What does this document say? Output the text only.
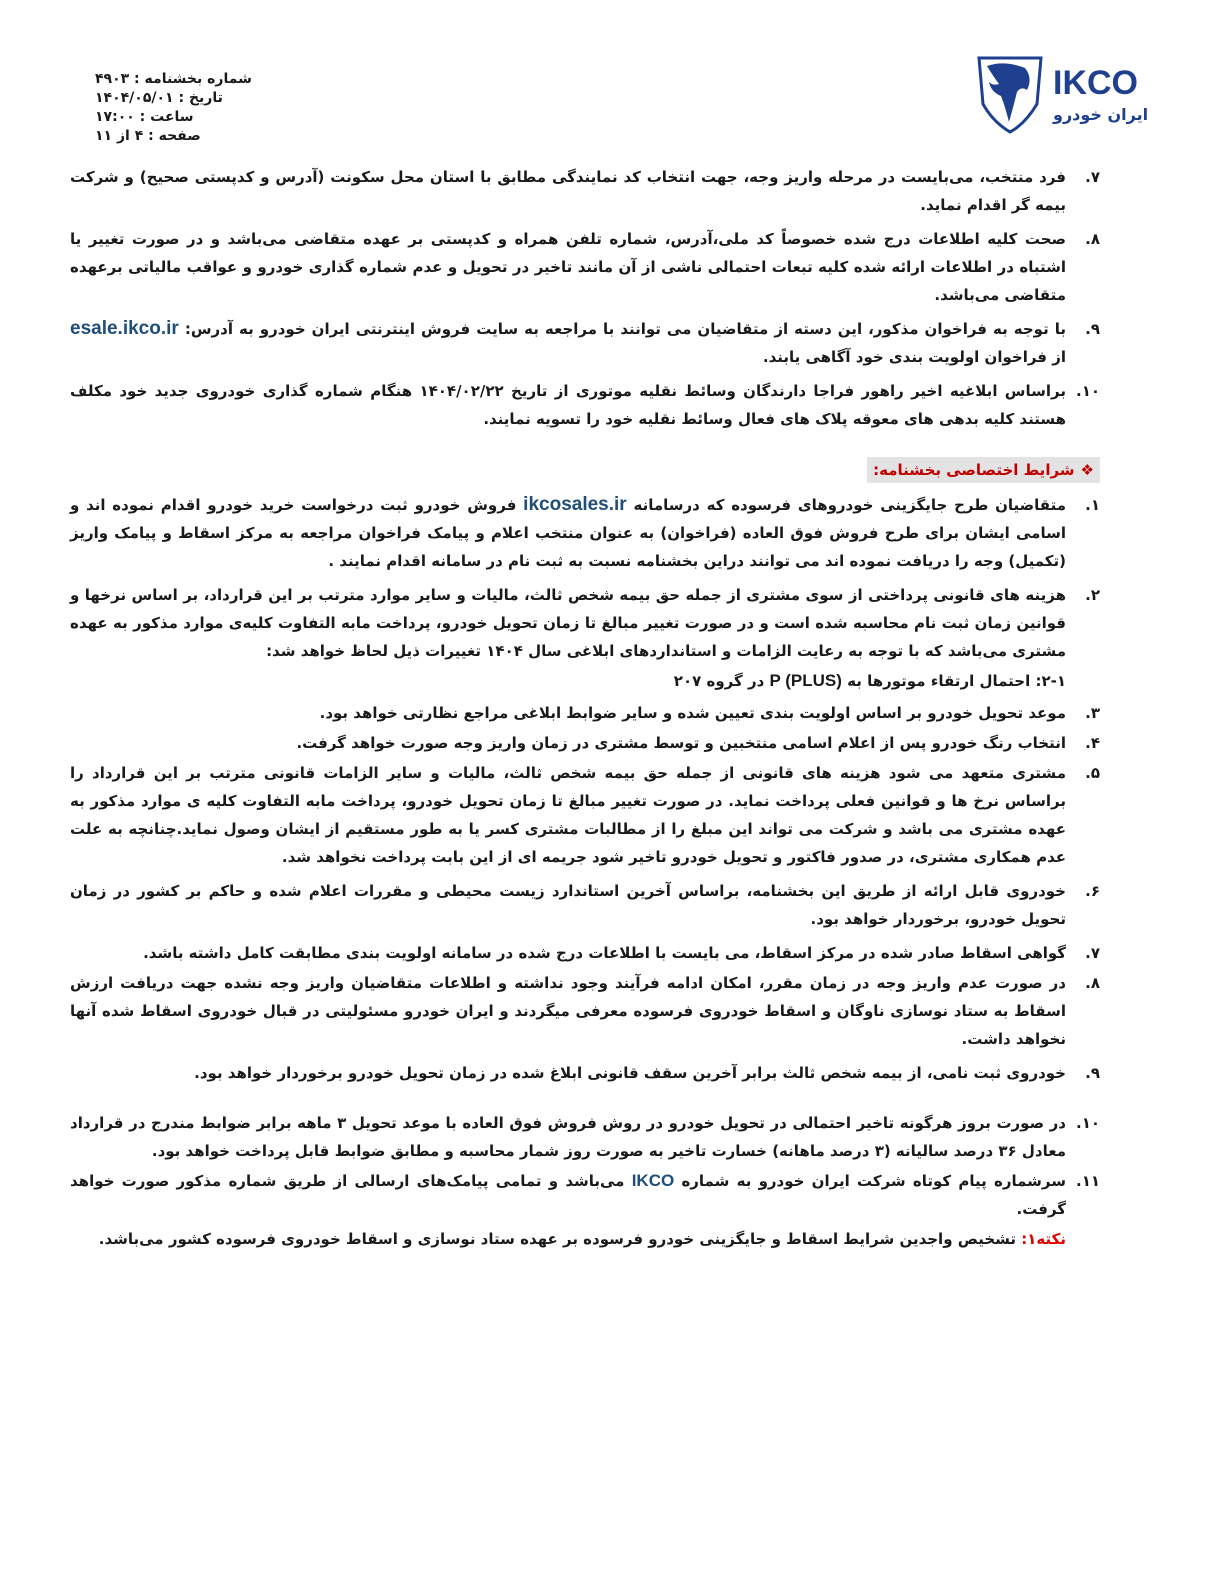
IKCO
ایران خودرو
شماره بخشنامه : ۴۹۰۳
تاریخ : ۱۴۰۴/۰۵/۰۱
ساعت : ۱۷:۰۰
صفحه : ۴ از ۱۱
۷.
فرد منتخب، می‌بایست در مرحله واریز وجه، جهت انتخاب کد نمایندگی مطابق با استان محل سکونت (آدرس و کدپستی صحیح) و شرکت بیمه گر اقدام نماید.
۸.
صحت کلیه اطلاعات درج شده خصوصاً کد ملی،آدرس، شماره تلفن همراه و کدپستی بر عهده متقاضی می‌باشد و در صورت تغییر یا اشتباه در اطلاعات ارائه شده کلیه تبعات احتمالی ناشی از آن مانند تاخیر در تحویل و عدم شماره گذاری خودرو و عواقب مالیاتی برعهده متقاضی می‌باشد.
۹.
با توجه به فراخوان مذکور، این دسته از متقاضیان می توانند با مراجعه به سایت فروش اینترنتی ایران خودرو به آدرس: esale.ikco.ir از فراخوان اولویت بندی خود آگاهی یابند.
۱۰.
براساس ابلاغیه اخیر راهور فراجا دارندگان وسائط نقلیه موتوری از تاریخ ۱۴۰۴/۰۲/۲۲ هنگام شماره گذاری خودروی جدید خود مکلف هستند کلیه بدهی های معوقه پلاک های فعال وسائط نقلیه خود را تسویه نمایند.
❖شرایط اختصاصی بخشنامه:
۱.
متقاضیان طرح جایگزینی خودروهای فرسوده که درسامانه ikcosales.ir فروش خودرو ثبت درخواست خرید خودرو اقدام نموده اند و اسامی ایشان برای طرح فروش فوق العاده (فراخوان) به عنوان منتخب اعلام و پیامک فراخوان مراجعه به مرکز اسقاط و پیامک واریز (تکمیل) وجه را دریافت نموده اند می توانند دراین بخشنامه نسبت به ثبت نام در سامانه اقدام نمایند .
۲.
هزینه های قانونی پرداختی از سوی مشتری از جمله حق بیمه شخص ثالث، مالیات و سایر موارد مترتب بر این قرارداد، بر اساس نرخها و قوانین زمان ثبت نام محاسبه شده است و در صورت تغییر مبالغ تا زمان تحویل خودرو، پرداخت مابه التفاوت کلیه‌ی موارد مذکور به عهده مشتری می‌باشد که با توجه به رعایت الزامات و استانداردهای ابلاغی سال ۱۴۰۴ تغییرات ذیل لحاظ خواهد شد:
۲-۱: احتمال ارتقاء موتورها به P (PLUS) در گروه ۲۰۷
۳.
موعد تحویل خودرو بر اساس اولویت بندی تعیین شده و سایر ضوابط ابلاغی مراجع نظارتی خواهد بود.
۴.
انتخاب رنگ خودرو پس از اعلام اسامی منتخبین و توسط مشتری در زمان واریز وجه صورت خواهد گرفت.
۵.
مشتری متعهد می شود هزینه های قانونی از جمله حق بیمه شخص ثالث، مالیات و سایر الزامات قانونی مترتب بر این قرارداد را براساس نرخ ها و قوانین فعلی پرداخت نماید. در صورت تغییر مبالغ تا زمان تحویل خودرو، پرداخت مابه التفاوت کلیه ی موارد مذکور به عهده مشتری می باشد و شرکت می تواند این مبلغ را از مطالبات مشتری کسر یا به طور مستقیم از ایشان وصول نماید.چنانچه به علت عدم همکاری مشتری، در صدور فاکتور و تحویل خودرو تاخیر شود جریمه ای از این بابت پرداخت نخواهد شد.
۶.
خودروی قابل ارائه از طریق این بخشنامه، براساس آخرین استاندارد زیست محیطی و مقررات اعلام شده و حاکم بر کشور در زمان تحویل خودرو، برخوردار خواهد بود.
۷.
گواهی اسقاط صادر شده در مرکز اسقاط، می بایست با اطلاعات درج شده در سامانه اولویت بندی مطابقت کامل داشته باشد.
۸.
در صورت عدم واریز وجه در زمان مقرر، امکان ادامه فرآیند وجود نداشته و اطلاعات متقاضیان واریز وجه نشده جهت دریافت ارزش اسقاط به ستاد نوسازی ناوگان و اسقاط خودروی فرسوده معرفی میگردند و ایران خودرو مسئولیتی در قبال خودروی اسقاط شده آنها نخواهد داشت.
۹.
خودروی ثبت نامی، از بیمه شخص ثالث برابر آخرین سقف قانونی ابلاغ شده در زمان تحویل خودرو برخوردار خواهد بود.
۱۰.
در صورت بروز هرگونه تاخیر احتمالی در تحویل خودرو در روش فروش فوق العاده با موعد تحویل ۳ ماهه برابر ضوابط مندرج در قرارداد معادل ۳۶ درصد سالیانه (۳ درصد ماهانه) خسارت تاخیر به صورت روز شمار محاسبه و مطابق ضوابط قابل پرداخت خواهد بود.
۱۱.
سرشماره پیام کوتاه شرکت ایران خودرو به شماره IKCO می‌باشد و تمامی پیامک‌های ارسالی از طریق شماره مذکور صورت خواهد گرفت.
نکته۱: تشخیص واجدین شرایط اسقاط و جایگزینی خودرو فرسوده بر عهده ستاد نوسازی و اسقاط خودروی فرسوده کشور می‌باشد.
